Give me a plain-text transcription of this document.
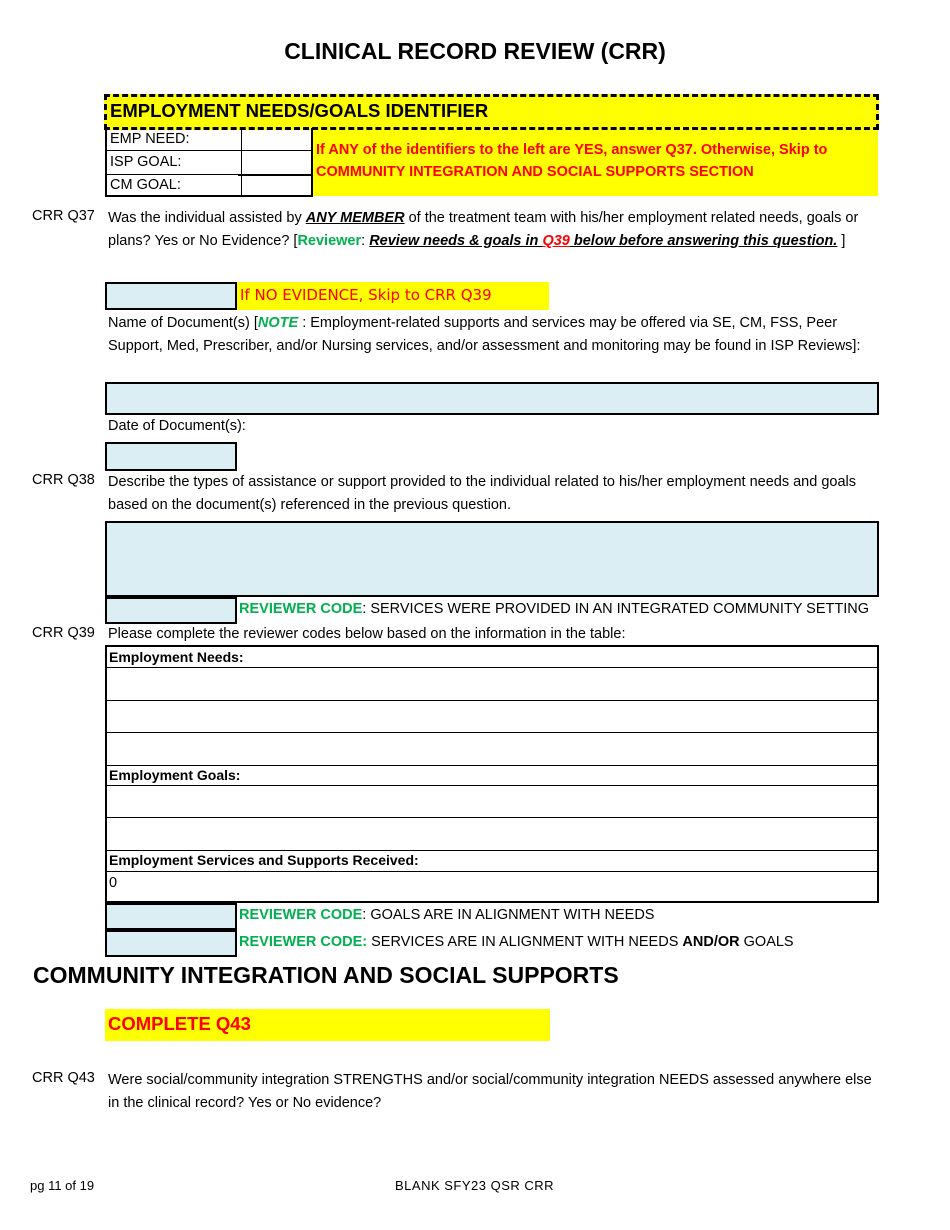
CLINICAL RECORD REVIEW (CRR)
EMPLOYMENT NEEDS/GOALS IDENTIFIER
EMP NEED:
ISP GOAL:
CM GOAL:
If ANY of the identifiers to the left are YES, answer Q37. Otherwise, Skip to COMMUNITY INTEGRATION AND SOCIAL SUPPORTS SECTION
CRR Q37 Was the individual assisted by ANY MEMBER of the treatment team with his/her employment related needs, goals or plans? Yes or No Evidence? [Reviewer: Review needs & goals in Q39 below before answering this question. ]
If NO EVIDENCE, Skip to CRR Q39
Name of Document(s) [NOTE : Employment-related supports and services may be offered via SE, CM, FSS, Peer Support, Med, Prescriber, and/or Nursing services, and/or assessment and monitoring may be found in ISP Reviews]:
Date of Document(s):
CRR Q38 Describe the types of assistance or support provided to the individual related to his/her employment needs and goals based on the document(s) referenced in the previous question.
REVIEWER CODE: SERVICES WERE PROVIDED IN AN INTEGRATED COMMUNITY SETTING
CRR Q39 Please complete the reviewer codes below based on the information in the table:
Employment Needs:
Employment Goals:
Employment Services and Supports Received:
0
REVIEWER CODE: GOALS ARE IN ALIGNMENT WITH NEEDS
REVIEWER CODE: SERVICES ARE IN ALIGNMENT WITH NEEDS AND/OR GOALS
COMMUNITY INTEGRATION AND SOCIAL SUPPORTS
COMPLETE Q43
CRR Q43 Were social/community integration STRENGTHS and/or social/community integration NEEDS assessed anywhere else in the clinical record? Yes or No evidence?
pg 11 of 19	BLANK SFY23 QSR CRR
